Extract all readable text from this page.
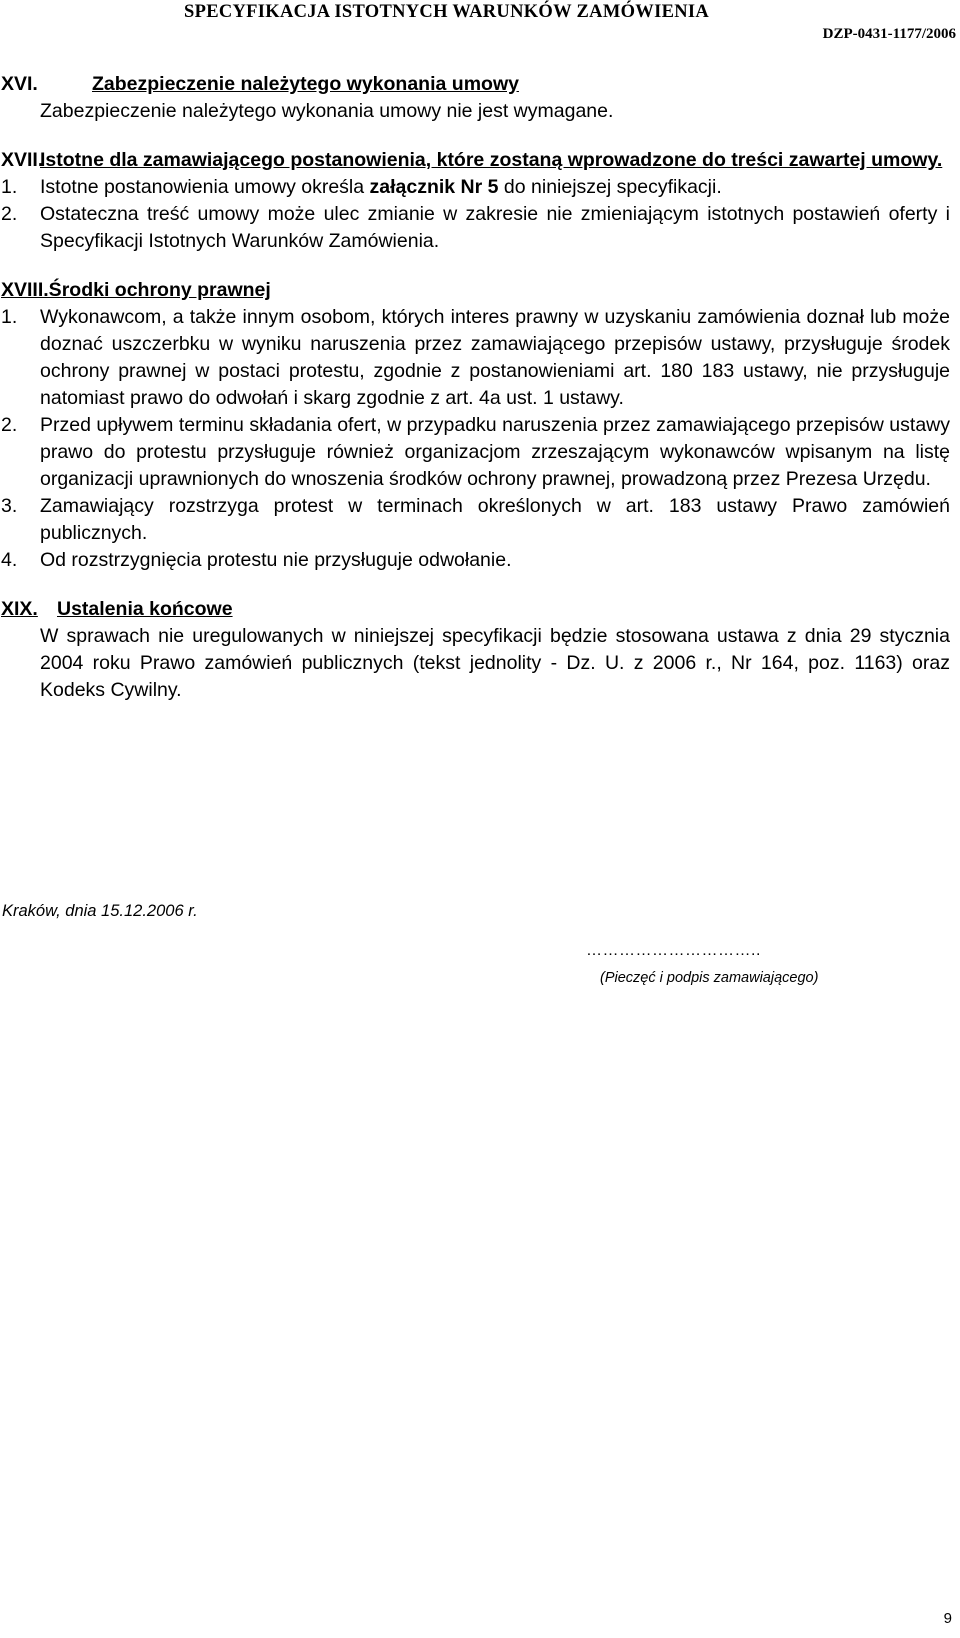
SPECYFIKACJA ISTOTNYCH WARUNKÓW ZAMÓWIENIA
DZP-0431-1177/2006
XVI.	Zabezpieczenie należytego wykonania umowy
Zabezpieczenie należytego wykonania umowy nie jest wymagane.
XVII.
Istotne dla zamawiającego postanowienia, które zostaną wprowadzone do treści zawartej umowy.
1. Istotne postanowienia umowy określa załącznik Nr 5 do niniejszej specyfikacji.
2. Ostateczna treść umowy może ulec zmianie w zakresie nie zmieniającym istotnych postawień oferty i Specyfikacji Istotnych Warunków Zamówienia.
XVIII.Środki ochrony prawnej
1. Wykonawcom, a także innym osobom, których interes prawny w uzyskaniu zamówienia doznał lub może doznać uszczerbku w wyniku naruszenia przez zamawiającego przepisów ustawy, przysługuje środek ochrony prawnej w postaci protestu, zgodnie z postanowieniami art. 180 183 ustawy, nie przysługuje natomiast prawo do odwołań i skarg zgodnie z art. 4a ust. 1 ustawy.
2. Przed upływem terminu składania ofert, w przypadku naruszenia przez zamawiającego przepisów ustawy prawo do protestu przysługuje również organizacjom zrzeszającym wykonawców wpisanym na listę organizacji uprawnionych do wnoszenia środków ochrony prawnej, prowadzoną przez Prezesa Urzędu.
3. Zamawiający rozstrzyga protest w terminach określonych w art. 183 ustawy Prawo zamówień publicznych.
4. Od rozstrzygnięcia protestu nie przysługuje odwołanie.
XIX. Ustalenia końcowe
W sprawach nie uregulowanych w niniejszej specyfikacji będzie stosowana ustawa z dnia 29 stycznia 2004 roku Prawo zamówień publicznych (tekst jednolity - Dz. U. z 2006 r., Nr 164, poz. 1163) oraz Kodeks Cywilny.
Kraków, dnia 15.12.2006 r.
…………………………..
(Pieczęć i podpis zamawiającego)
9
